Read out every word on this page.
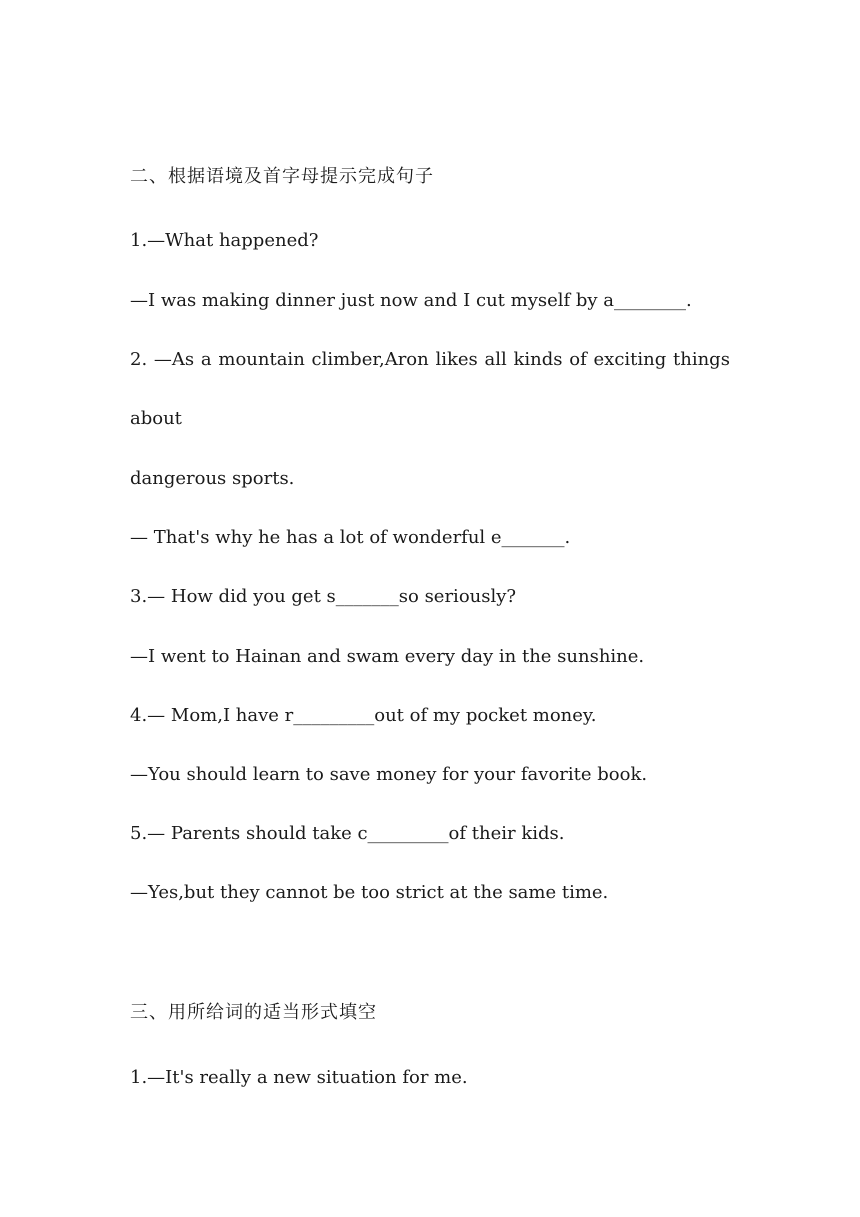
二、根据语境及首字母提示完成句子
1.—What happened?
—I was making dinner just now and I cut myself by a________.
2. —As a mountain climber,Aron likes all kinds of exciting things
about
dangerous sports.
— That's why he has a lot of wonderful e_______.
3.— How did you get s_______so seriously?
—I went to Hainan and swam every day in the sunshine.
4.— Mom,I have r_________out of my pocket money.
—You should learn to save money for your favorite book.
5.— Parents should take c_________of their kids.
—Yes,but they cannot be too strict at the same time.
三、用所给词的适当形式填空
1.—It's really a new situation for me.
